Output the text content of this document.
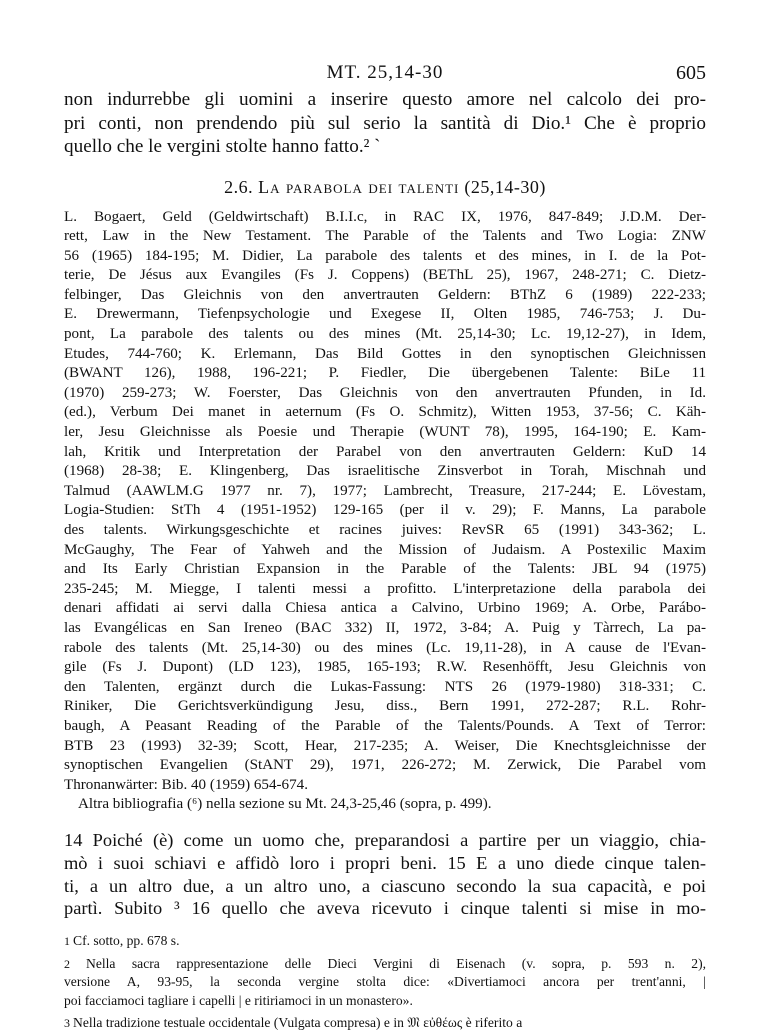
MT. 25,14-30	605
non indurrebbe gli uomini a inserire questo amore nel calcolo dei pro-
pri conti, non prendendo più sul serio la santità di Dio.¹ Che è proprio
quello che le vergini stolte hanno fatto.² `
2.6. La parabola dei talenti (25,14-30)
L. Bogaert, Geld (Geldwirtschaft) B.I.I.c, in RAC IX, 1976, 847-849; J.D.M. Der-
rett, Law in the New Testament. The Parable of the Talents and Two Logia: ZNW
56 (1965) 184-195; M. Didier, La parabole des talents et des mines, in I. de la Pot-
terie, De Jésus aux Evangiles (Fs J. Coppens) (BEThL 25), 1967, 248-271; C. Dietz-
felbinger, Das Gleichnis von den anvertrauten Geldern: BThZ 6 (1989) 222-233;
E. Drewermann, Tiefenpsychologie und Exegese II, Olten 1985, 746-753; J. Du-
pont, La parabole des talents ou des mines (Mt. 25,14-30; Lc. 19,12-27), in Idem,
Etudes, 744-760; K. Erlemann, Das Bild Gottes in den synoptischen Gleichnissen
(BWANT 126), 1988, 196-221; P. Fiedler, Die übergebenen Talente: BiLe 11
(1970) 259-273; W. Foerster, Das Gleichnis von den anvertrauten Pfunden, in Id.
(ed.), Verbum Dei manet in aeternum (Fs O. Schmitz), Witten 1953, 37-56; C. Käh-
ler, Jesu Gleichnisse als Poesie und Therapie (WUNT 78), 1995, 164-190; E. Kam-
lah, Kritik und Interpretation der Parabel von den anvertrauten Geldern: KuD 14
(1968) 28-38; E. Klingenberg, Das israelitische Zinsverbot in Torah, Mischnah und
Talmud (AAWLM.G 1977 nr. 7), 1977; Lambrecht, Treasure, 217-244; E. Lövestam,
Logia-Studien: StTh 4 (1951-1952) 129-165 (per il v. 29); F. Manns, La parabole
des talents. Wirkungsgeschichte et racines juives: RevSR 65 (1991) 343-362; L.
McGaughy, The Fear of Yahweh and the Mission of Judaism. A Postexilic Maxim
and Its Early Christian Expansion in the Parable of the Talents: JBL 94 (1975)
235-245; M. Miegge, I talenti messi a profitto. L'interpretazione della parabola dei
denari affidati ai servi dalla Chiesa antica a Calvino, Urbino 1969; A. Orbe, Parábo-
las Evangélicas en San Ireneo (BAC 332) II, 1972, 3-84; A. Puig y Tàrrech, La pa-
rabole des talents (Mt. 25,14-30) ou des mines (Lc. 19,11-28), in A cause de l'Evan-
gile (Fs J. Dupont) (LD 123), 1985, 165-193; R.W. Resenhöfft, Jesu Gleichnis von
den Talenten, ergänzt durch die Lukas-Fassung: NTS 26 (1979-1980) 318-331; C.
Riniker, Die Gerichtsverkündigung Jesu, diss., Bern 1991, 272-287; R.L. Rohr-
baugh, A Peasant Reading of the Parable of the Talents/Pounds. A Text of Terror:
BTB 23 (1993) 32-39; Scott, Hear, 217-235; A. Weiser, Die Knechtsgleichnisse der
synoptischen Evangelien (StANT 29), 1971, 226-272; M. Zerwick, Die Parabel vom
Thronanwärter: Bib. 40 (1959) 654-674.
Altra bibliografia (⁶) nella sezione su Mt. 24,3-25,46 (sopra, p. 499).
14 Poiché (è) come un uomo che, preparandosi a partire per un viaggio, chia-
mò i suoi schiavi e affidò loro i propri beni. 15 E a uno diede cinque talen-
ti, a un altro due, a un altro uno, a ciascuno secondo la sua capacità, e poi
partì. Subito ³ 16 quello che aveva ricevuto i cinque talenti si mise in mo-
1 Cf. sotto, pp. 678 s.
2 Nella sacra rappresentazione delle Dieci Vergini di Eisenach (v. sopra, p. 593 n. 2),
versione A, 93-95, la seconda vergine stolta dice: «Divertiamoci ancora per trent'anni, |
poi facciamoci tagliare i capelli | e ritiriamoci in un monastero».
3 Nella tradizione testuale occidentale (Vulgata compresa) e in 𝔐 εὐθέως è riferito a
